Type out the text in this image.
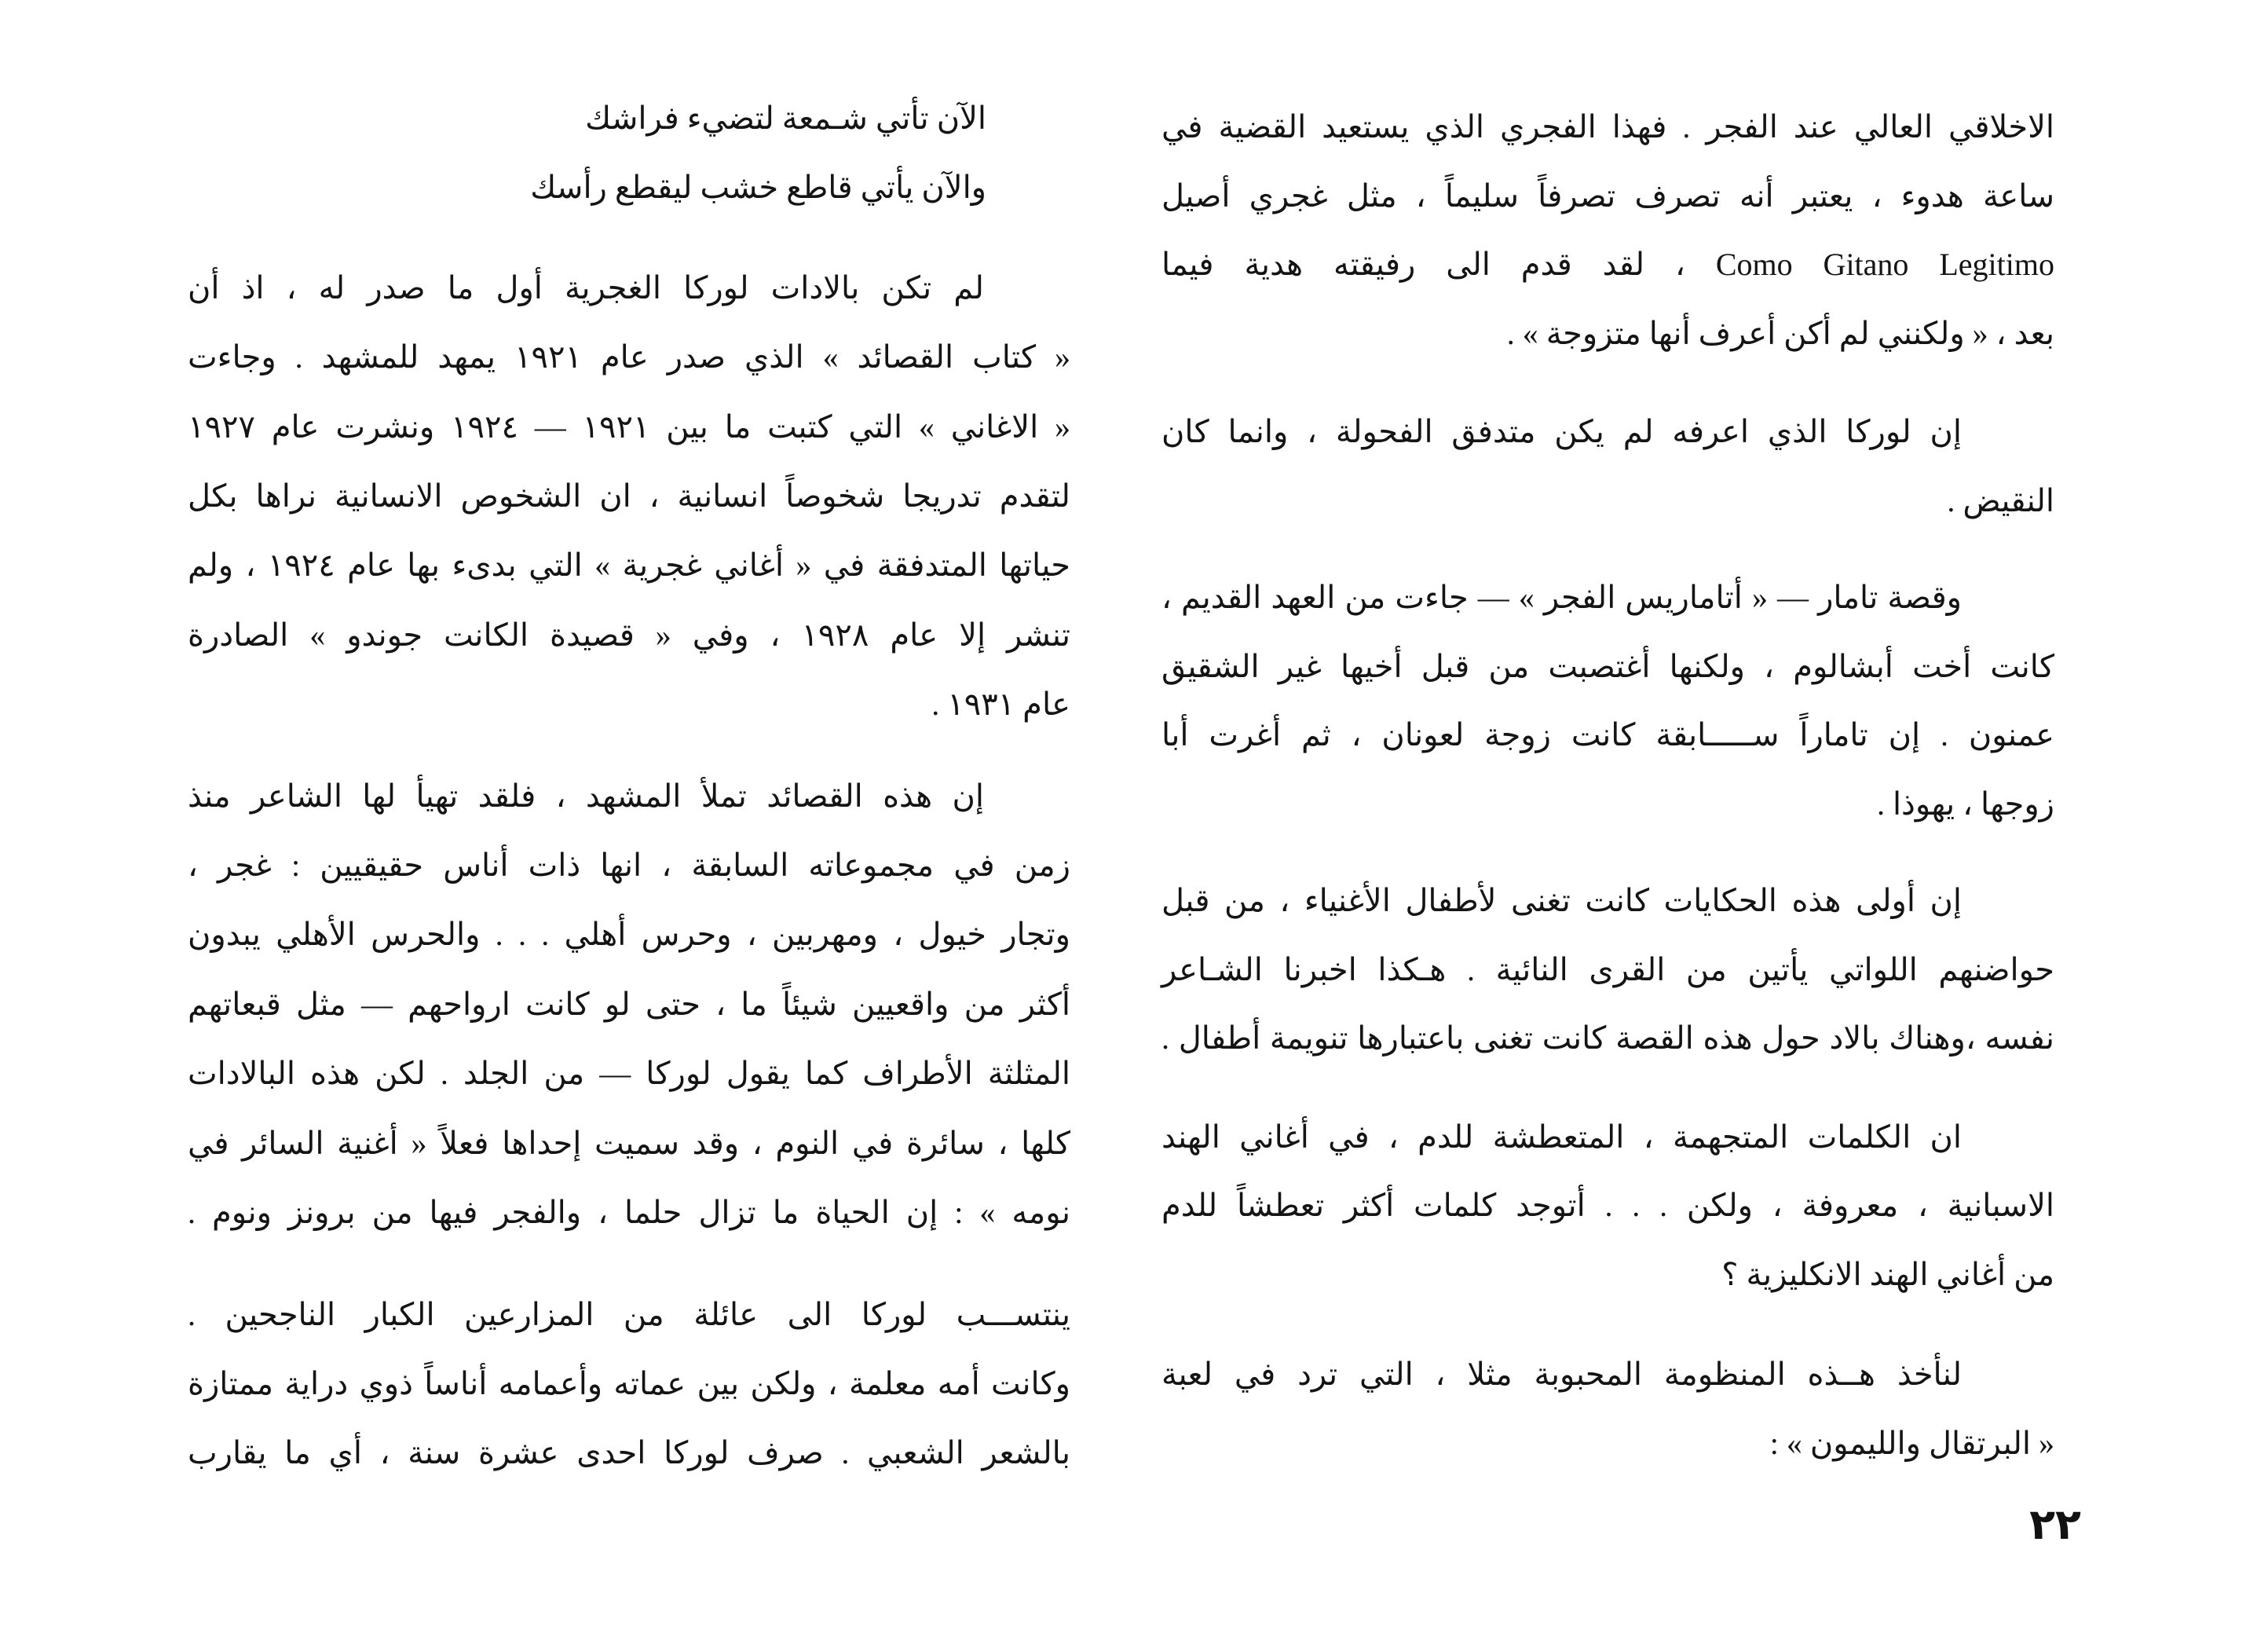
الاخلاقي العالي عند الفجر . فهذا الفجري الذي يستعيد القضية في
ساعة هدوء ، يعتبر أنه تصرف تصرفاً سليماً ، مثل غجري أصيل
Como Gitano Legitimo ، لقد قدم الى رفيقته هدية فيما
بعد ، « ولكنني لم أكن أعرف أنها متزوجة » .
إن لوركا الذي اعرفه لم يكن متدفق الفحولة ، وانما كان
النقيض .
وقصة تامار — « أتاماريس الفجر » — جاءت من العهد القديم ،
كانت أخت أبشالوم ، ولكنها أغتصبت من قبل أخيها غير الشقيق
عمنون . إن تاماراً ســـــابقة كانت زوجة لعونان ، ثم أغرت أبا
زوجها ، يهوذا .
إن أولى هذه الحكايات كانت تغنى لأطفال الأغنياء ، من قبل
حواضنهم اللواتي يأتين من القرى النائية . هـكذا اخبرنا الشـاعر
نفسه ،وهناك بالاد حول هذه القصة كانت تغنى باعتبارها تنويمة أطفال .
ان الكلمات المتجهمة ، المتعطشة للدم ، في أغاني الهند
الاسبانية ، معروفة ، ولكن . . . أتوجد كلمات أكثر تعطشاً للدم
من أغاني الهند الانكليزية ؟
لنأخذ هــذه المنظومة المحبوبة مثلا ، التي ترد في لعبة
« البرتقال والليمون » :
٢٢
الآن تأتي شـمعة لتضيء فراشك
والآن يأتي قاطع خشب ليقطع رأسك
لم تكن بالادات لوركا الغجرية أول ما صدر له ، اذ أن
« كتاب القصائد » الذي صدر عام ١٩٢١ يمهد للمشهد . وجاءت
« الاغاني » التي كتبت ما بين ١٩٢١ — ١٩٢٤ ونشرت عام ١٩٢٧
لتقدم تدريجا شخوصاً انسانية ، ان الشخوص الانسانية نراها بكل
حياتها المتدفقة في « أغاني غجرية » التي بدىء بها عام ١٩٢٤ ، ولم
تنشر إلا عام ١٩٢٨ ، وفي « قصيدة الكانت جوندو » الصادرة
عام ١٩٣١ .
إن هذه القصائد تملأ المشهد ، فلقد تهيأ لها الشاعر منذ
زمن في مجموعاته السابقة ، انها ذات أناس حقيقيين : غجر ،
وتجار خيول ، ومهربين ، وحرس أهلي . . . والحرس الأهلي يبدون
أكثر من واقعيين شيئاً ما ، حتى لو كانت ارواحهم — مثل قبعاتهم
المثلثة الأطراف كما يقول لوركا — من الجلد . لكن هذه البالادات
كلها ، سائرة في النوم ، وقد سميت إحداها فعلاً « أغنية السائر في
نومه » : إن الحياة ما تزال حلما ، والفجر فيها من برونز ونوم .
ينتســـب لوركا الى عائلة من المزارعين الكبار الناجحين .
وكانت أمه معلمة ، ولكن بين عماته وأعمامه أناساً ذوي دراية ممتازة
بالشعر الشعبي . صرف لوركا احدى عشرة سنة ، أي ما يقارب
